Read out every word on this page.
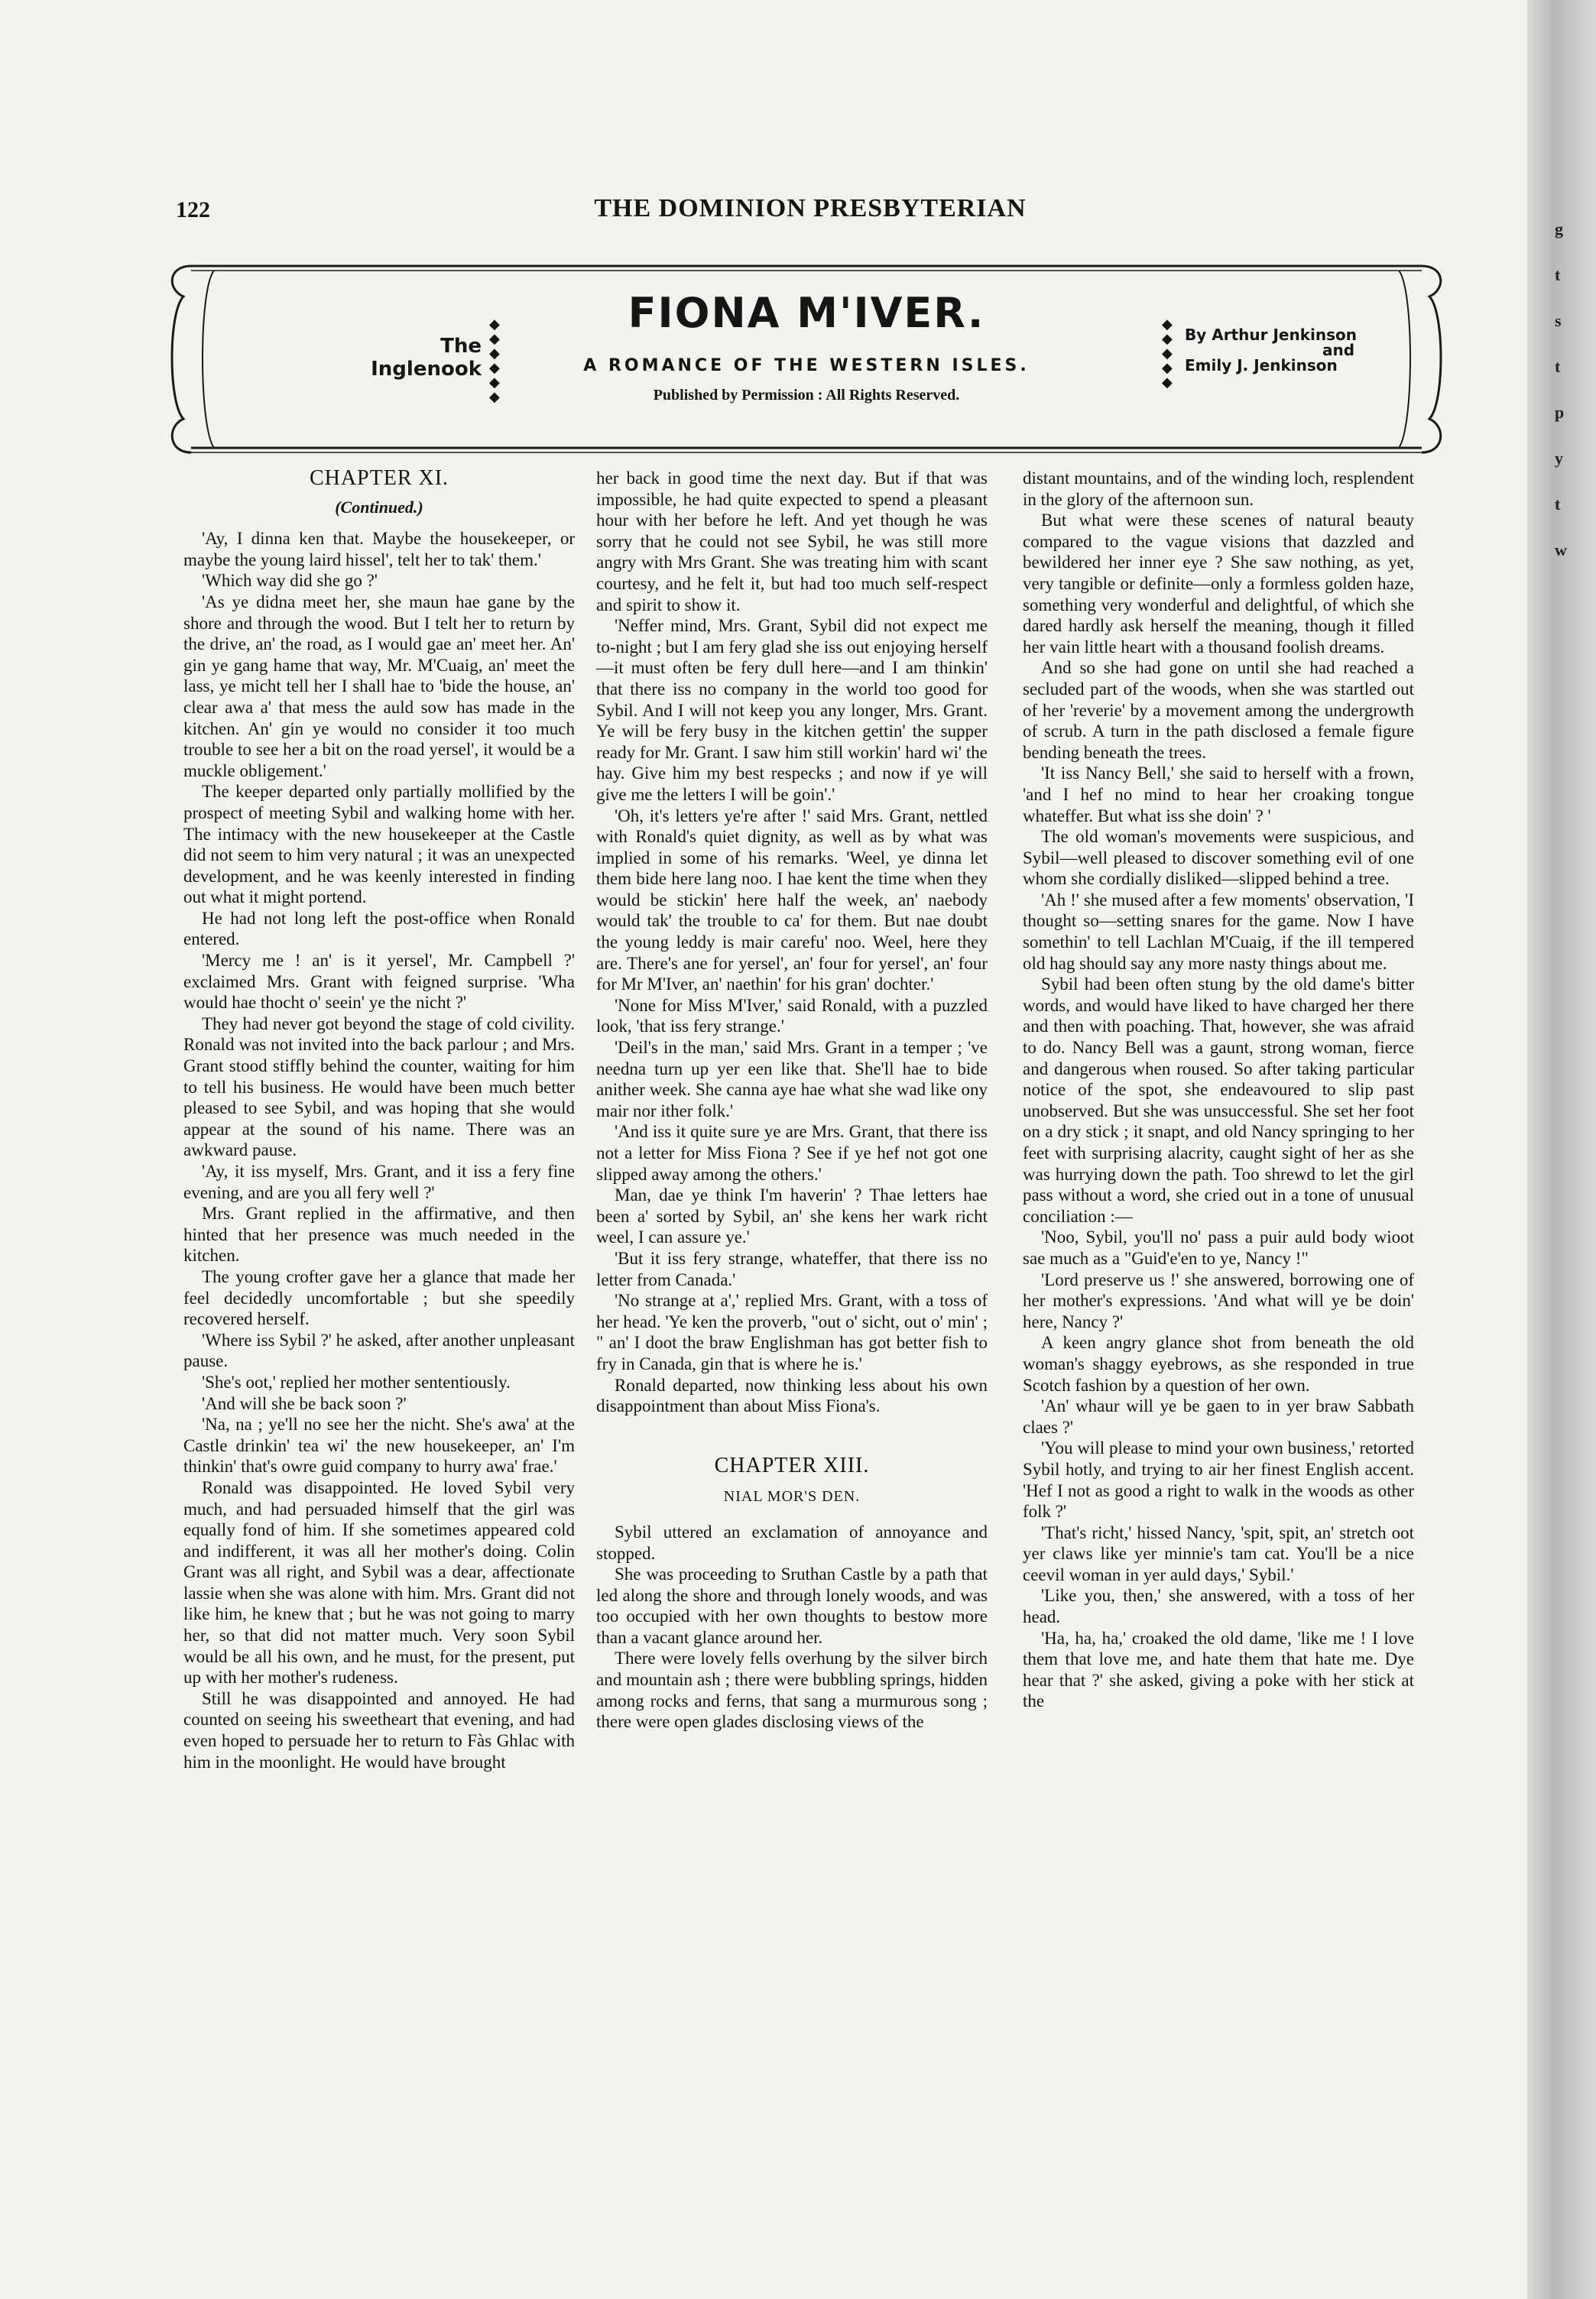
g
t
s
t
p
y
t
w
122	THE DOMINION PRESBYTERIAN
The
Inglenook
◆
◆
◆
◆
◆
◆
FIONA M'IVER.
A ROMANCE OF THE WESTERN ISLES.
Published by Permission : All Rights Reserved.
◆
◆
◆
◆
◆
By Arthur Jenkinson
and
Emily J. Jenkinson
CHAPTER XI.
(Continued.)

'Ay, I dinna ken that. Maybe the housekeeper, or maybe the young laird hissel', telt her to tak' them.'

'Which way did she go ?'

'As ye didna meet her, she maun hae gane by the shore and through the wood. But I telt her to return by the drive, an' the road, as I would gae an' meet her. An' gin ye gang hame that way, Mr. M'Cuaig, an' meet the lass, ye micht tell her I shall hae to 'bide the house, an' clear awa a' that mess the auld sow has made in the kitchen. An' gin ye would no consider it too much trouble to see her a bit on the road yersel', it would be a muckle obligement.'

The keeper departed only partially mollified by the prospect of meeting Sybil and walking home with her. The intimacy with the new housekeeper at the Castle did not seem to him very natural ; it was an unexpected development, and he was keenly interested in finding out what it might portend.

He had not long left the post-office when Ronald entered.

'Mercy me ! an' is it yersel', Mr. Campbell ?' exclaimed Mrs. Grant with feigned surprise. 'Wha would hae thocht o' seein' ye the nicht ?'

They had never got beyond the stage of cold civility. Ronald was not invited into the back parlour ; and Mrs. Grant stood stiffly behind the counter, waiting for him to tell his business. He would have been much better pleased to see Sybil, and was hoping that she would appear at the sound of his name. There was an awkward pause.

'Ay, it iss myself, Mrs. Grant, and it iss a fery fine evening, and are you all fery well ?'

Mrs. Grant replied in the affirmative, and then hinted that her presence was much needed in the kitchen.

The young crofter gave her a glance that made her feel decidedly uncomfortable ; but she speedily recovered herself.

'Where iss Sybil ?' he asked, after another unpleasant pause.

'She's oot,' replied her mother sententiously.

'And will she be back soon ?'

'Na, na ; ye'll no see her the nicht. She's awa' at the Castle drinkin' tea wi' the new housekeeper, an' I'm thinkin' that's owre guid company to hurry awa' frae.'

Ronald was disappointed. He loved Sybil very much, and had persuaded himself that the girl was equally fond of him. If she sometimes appeared cold and indifferent, it was all her mother's doing. Colin Grant was all right, and Sybil was a dear, affectionate lassie when she was alone with him. Mrs. Grant did not like him, he knew that ; but he was not going to marry her, so that did not matter much. Very soon Sybil would be all his own, and he must, for the present, put up with her mother's rudeness.

Still he was disappointed and annoyed. He had counted on seeing his sweetheart that evening, and had even hoped to persuade her to return to Fàs Ghlac with him in the moonlight. He would have brought

her back in good time the next day. But if that was impossible, he had quite expected to spend a pleasant hour with her before he left. And yet though he was sorry that he could not see Sybil, he was still more angry with Mrs Grant. She was treating him with scant courtesy, and he felt it, but had too much self-respect and spirit to show it.

'Neffer mind, Mrs. Grant, Sybil did not expect me to-night ; but I am fery glad she iss out enjoying herself—it must often be fery dull here—and I am thinkin' that there iss no company in the world too good for Sybil. And I will not keep you any longer, Mrs. Grant. Ye will be fery busy in the kitchen gettin' the supper ready for Mr. Grant. I saw him still workin' hard wi' the hay. Give him my best respecks ; and now if ye will give me the letters I will be goin'.'

'Oh, it's letters ye're after !' said Mrs. Grant, nettled with Ronald's quiet dignity, as well as by what was implied in some of his remarks. 'Weel, ye dinna let them bide here lang noo. I hae kent the time when they would be stickin' here half the week, an' naebody would tak' the trouble to ca' for them. But nae doubt the young leddy is mair carefu' noo. Weel, here they are. There's ane for yersel', an' four for yersel', an' four for Mr M'Iver, an' naethin' for his gran' dochter.'

'None for Miss M'Iver,' said Ronald, with a puzzled look, 'that iss fery strange.'

'Deil's in the man,' said Mrs. Grant in a temper ; 've needna turn up yer een like that. She'll hae to bide anither week. She canna aye hae what she wad like ony mair nor ither folk.'

'And iss it quite sure ye are Mrs. Grant, that there iss not a letter for Miss Fiona ? See if ye hef not got one slipped away among the others.'

Man, dae ye think I'm haverin' ? Thae letters hae been a' sorted by Sybil, an' she kens her wark richt weel, I can assure ye.'

'But it iss fery strange, whateffer, that there iss no letter from Canada.'

'No strange at a',' replied Mrs. Grant, with a toss of her head. 'Ye ken the proverb, "out o' sicht, out o' min' ; " an' I doot the braw Englishman has got better fish to fry in Canada, gin that is where he is.'

Ronald departed, now thinking less about his own disappointment than about Miss Fiona's.

CHAPTER XIII.
NIAL MOR'S DEN.

Sybil uttered an exclamation of annoyance and stopped.

She was proceeding to Sruthan Castle by a path that led along the shore and through lonely woods, and was too occupied with her own thoughts to bestow more than a vacant glance around her.

There were lovely fells overhung by the silver birch and mountain ash ; there were bubbling springs, hidden among rocks and ferns, that sang a murmurous song ; there were open glades disclosing views of the

distant mountains, and of the winding loch, resplendent in the glory of the afternoon sun.

But what were these scenes of natural beauty compared to the vague visions that dazzled and bewildered her inner eye ? She saw nothing, as yet, very tangible or definite—only a formless golden haze, something very wonderful and delightful, of which she dared hardly ask herself the meaning, though it filled her vain little heart with a thousand foolish dreams.

And so she had gone on until she had reached a secluded part of the woods, when she was startled out of her 'reverie' by a movement among the undergrowth of scrub. A turn in the path disclosed a female figure bending beneath the trees.

'It iss Nancy Bell,' she said to herself with a frown, 'and I hef no mind to hear her croaking tongue whateffer. But what iss she doin' ? '

The old woman's movements were suspicious, and Sybil—well pleased to discover something evil of one whom she cordially disliked—slipped behind a tree.

'Ah !' she mused after a few moments' observation, 'I thought so—setting snares for the game. Now I have somethin' to tell Lachlan M'Cuaig, if the ill tempered old hag should say any more nasty things about me.

Sybil had been often stung by the old dame's bitter words, and would have liked to have charged her there and then with poaching. That, however, she was afraid to do. Nancy Bell was a gaunt, strong woman, fierce and dangerous when roused. So after taking particular notice of the spot, she endeavoured to slip past unobserved. But she was unsuccessful. She set her foot on a dry stick ; it snapt, and old Nancy springing to her feet with surprising alacrity, caught sight of her as she was hurrying down the path. Too shrewd to let the girl pass without a word, she cried out in a tone of unusual conciliation :—

'Noo, Sybil, you'll no' pass a puir auld body wioot sae much as a "Guid'e'en to ye, Nancy !"

'Lord preserve us !' she answered, borrowing one of her mother's expressions. 'And what will ye be doin' here, Nancy ?'

A keen angry glance shot from beneath the old woman's shaggy eyebrows, as she responded in true Scotch fashion by a question of her own.

'An' whaur will ye be gaen to in yer braw Sabbath claes ?'

'You will please to mind your own business,' retorted Sybil hotly, and trying to air her finest English accent. 'Hef I not as good a right to walk in the woods as other folk ?'

'That's richt,' hissed Nancy, 'spit, spit, an' stretch oot yer claws like yer minnie's tam cat. You'll be a nice ceevil woman in yer auld days,' Sybil.'

'Like you, then,' she answered, with a toss of her head.

'Ha, ha, ha,' croaked the old dame, 'like me ! I love them that love me, and hate them that hate me. Dye hear that ?' she asked, giving a poke with her stick at the
